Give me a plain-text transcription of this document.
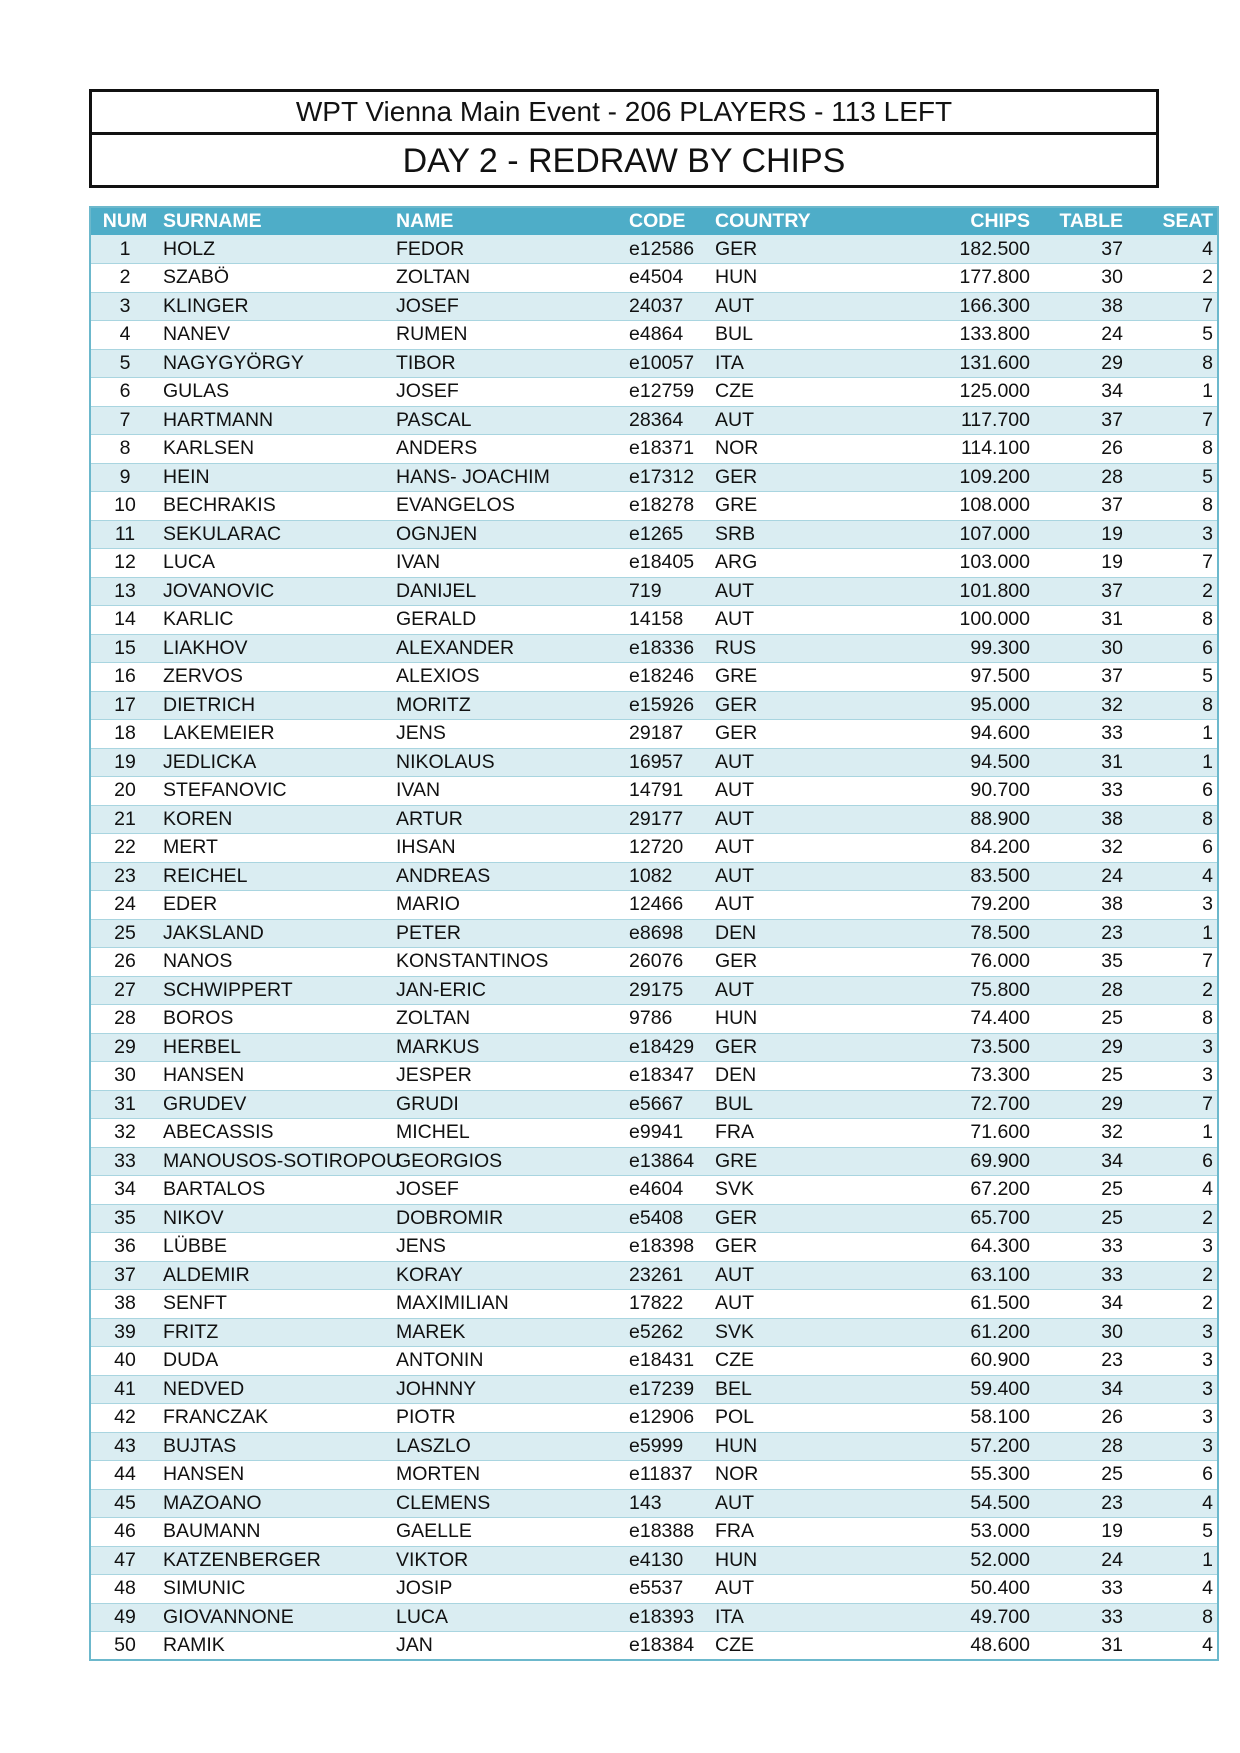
WPT Vienna Main Event - 206 PLAYERS - 113 LEFT
DAY 2 - REDRAW BY CHIPS
NUM	SURNAME	NAME	CODE	COUNTRY	CHIPS	TABLE	SEAT
1	HOLZ	FEDOR	e12586	GER	182.500	37	4
2	SZABÖ	ZOLTAN	e4504	HUN	177.800	30	2
3	KLINGER	JOSEF	24037	AUT	166.300	38	7
4	NANEV	RUMEN	e4864	BUL	133.800	24	5
5	NAGYGYÖRGY	TIBOR	e10057	ITA	131.600	29	8
6	GULAS	JOSEF	e12759	CZE	125.000	34	1
7	HARTMANN	PASCAL	28364	AUT	117.700	37	7
8	KARLSEN	ANDERS	e18371	NOR	114.100	26	8
9	HEIN	HANS- JOACHIM	e17312	GER	109.200	28	5
10	BECHRAKIS	EVANGELOS	e18278	GRE	108.000	37	8
11	SEKULARAC	OGNJEN	e1265	SRB	107.000	19	3
12	LUCA	IVAN	e18405	ARG	103.000	19	7
13	JOVANOVIC	DANIJEL	719	AUT	101.800	37	2
14	KARLIC	GERALD	14158	AUT	100.000	31	8
15	LIAKHOV	ALEXANDER	e18336	RUS	99.300	30	6
16	ZERVOS	ALEXIOS	e18246	GRE	97.500	37	5
17	DIETRICH	MORITZ	e15926	GER	95.000	32	8
18	LAKEMEIER	JENS	29187	GER	94.600	33	1
19	JEDLICKA	NIKOLAUS	16957	AUT	94.500	31	1
20	STEFANOVIC	IVAN	14791	AUT	90.700	33	6
21	KOREN	ARTUR	29177	AUT	88.900	38	8
22	MERT	IHSAN	12720	AUT	84.200	32	6
23	REICHEL	ANDREAS	1082	AUT	83.500	24	4
24	EDER	MARIO	12466	AUT	79.200	38	3
25	JAKSLAND	PETER	e8698	DEN	78.500	23	1
26	NANOS	KONSTANTINOS	26076	GER	76.000	35	7
27	SCHWIPPERT	JAN-ERIC	29175	AUT	75.800	28	2
28	BOROS	ZOLTAN	9786	HUN	74.400	25	8
29	HERBEL	MARKUS	e18429	GER	73.500	29	3
30	HANSEN	JESPER	e18347	DEN	73.300	25	3
31	GRUDEV	GRUDI	e5667	BUL	72.700	29	7
32	ABECASSIS	MICHEL	e9941	FRA	71.600	32	1
33	MANOUSOS-SOTIROPOU	GEORGIOS	e13864	GRE	69.900	34	6
34	BARTALOS	JOSEF	e4604	SVK	67.200	25	4
35	NIKOV	DOBROMIR	e5408	GER	65.700	25	2
36	LÜBBE	JENS	e18398	GER	64.300	33	3
37	ALDEMIR	KORAY	23261	AUT	63.100	33	2
38	SENFT	MAXIMILIAN	17822	AUT	61.500	34	2
39	FRITZ	MAREK	e5262	SVK	61.200	30	3
40	DUDA	ANTONIN	e18431	CZE	60.900	23	3
41	NEDVED	JOHNNY	e17239	BEL	59.400	34	3
42	FRANCZAK	PIOTR	e12906	POL	58.100	26	3
43	BUJTAS	LASZLO	e5999	HUN	57.200	28	3
44	HANSEN	MORTEN	e11837	NOR	55.300	25	6
45	MAZOANO	CLEMENS	143	AUT	54.500	23	4
46	BAUMANN	GAELLE	e18388	FRA	53.000	19	5
47	KATZENBERGER	VIKTOR	e4130	HUN	52.000	24	1
48	SIMUNIC	JOSIP	e5537	AUT	50.400	33	4
49	GIOVANNONE	LUCA	e18393	ITA	49.700	33	8
50	RAMIK	JAN	e18384	CZE	48.600	31	4
